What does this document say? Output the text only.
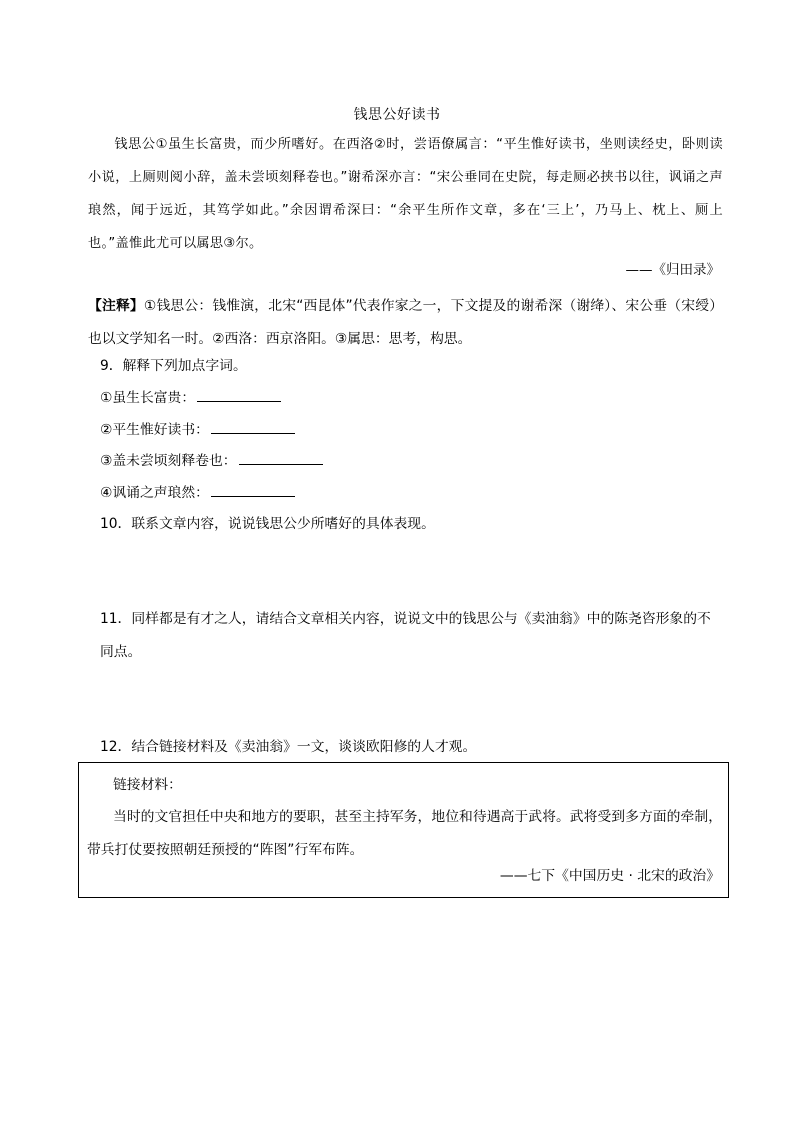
钱思公好读书

钱思公①虽生长富贵，而少所嗜好。在西洛②时，尝语僚属言：“平生惟好读书，坐则读经史，卧则读小说，上厕则阅小辞，盖未尝顷刻释卷也。”谢希深亦言：“宋公垂同在史院，每走厕必挟书以往，讽诵之声琅然，闻于远近，其笃学如此。”余因谓希深曰：“余平生所作文章，多在‘三上’，乃马上、枕上、厕上也。”盖惟此尤可以属思③尔。

——《归田录》
【注释】①钱思公：钱惟演，北宋“西昆体”代表作家之一，下文提及的谢希深（谢绛）、宋公垂（宋绶）也以文学知名一时。②西洛：西京洛阳。③属思：思考，构思。
9．解释下列加点字词。
①虽生长富贵：
②平生惟好读书：
③盖未尝顷刻释卷也：
④讽诵之声琅然：
10．联系文章内容，说说钱思公少所嗜好的具体表现。
11．同样都是有才之人，请结合文章相关内容，说说文中的钱思公与《卖油翁》中的陈尧咨形象的不同点。
12．结合链接材料及《卖油翁》一文，谈谈欧阳修的人才观。
链接材料：
当时的文官担任中央和地方的要职，甚至主持军务，地位和待遇高于武将。武将受到多方面的牵制，带兵打仗要按照朝廷预授的“阵图”行军布阵。
——七下《中国历史 · 北宋的政治》
